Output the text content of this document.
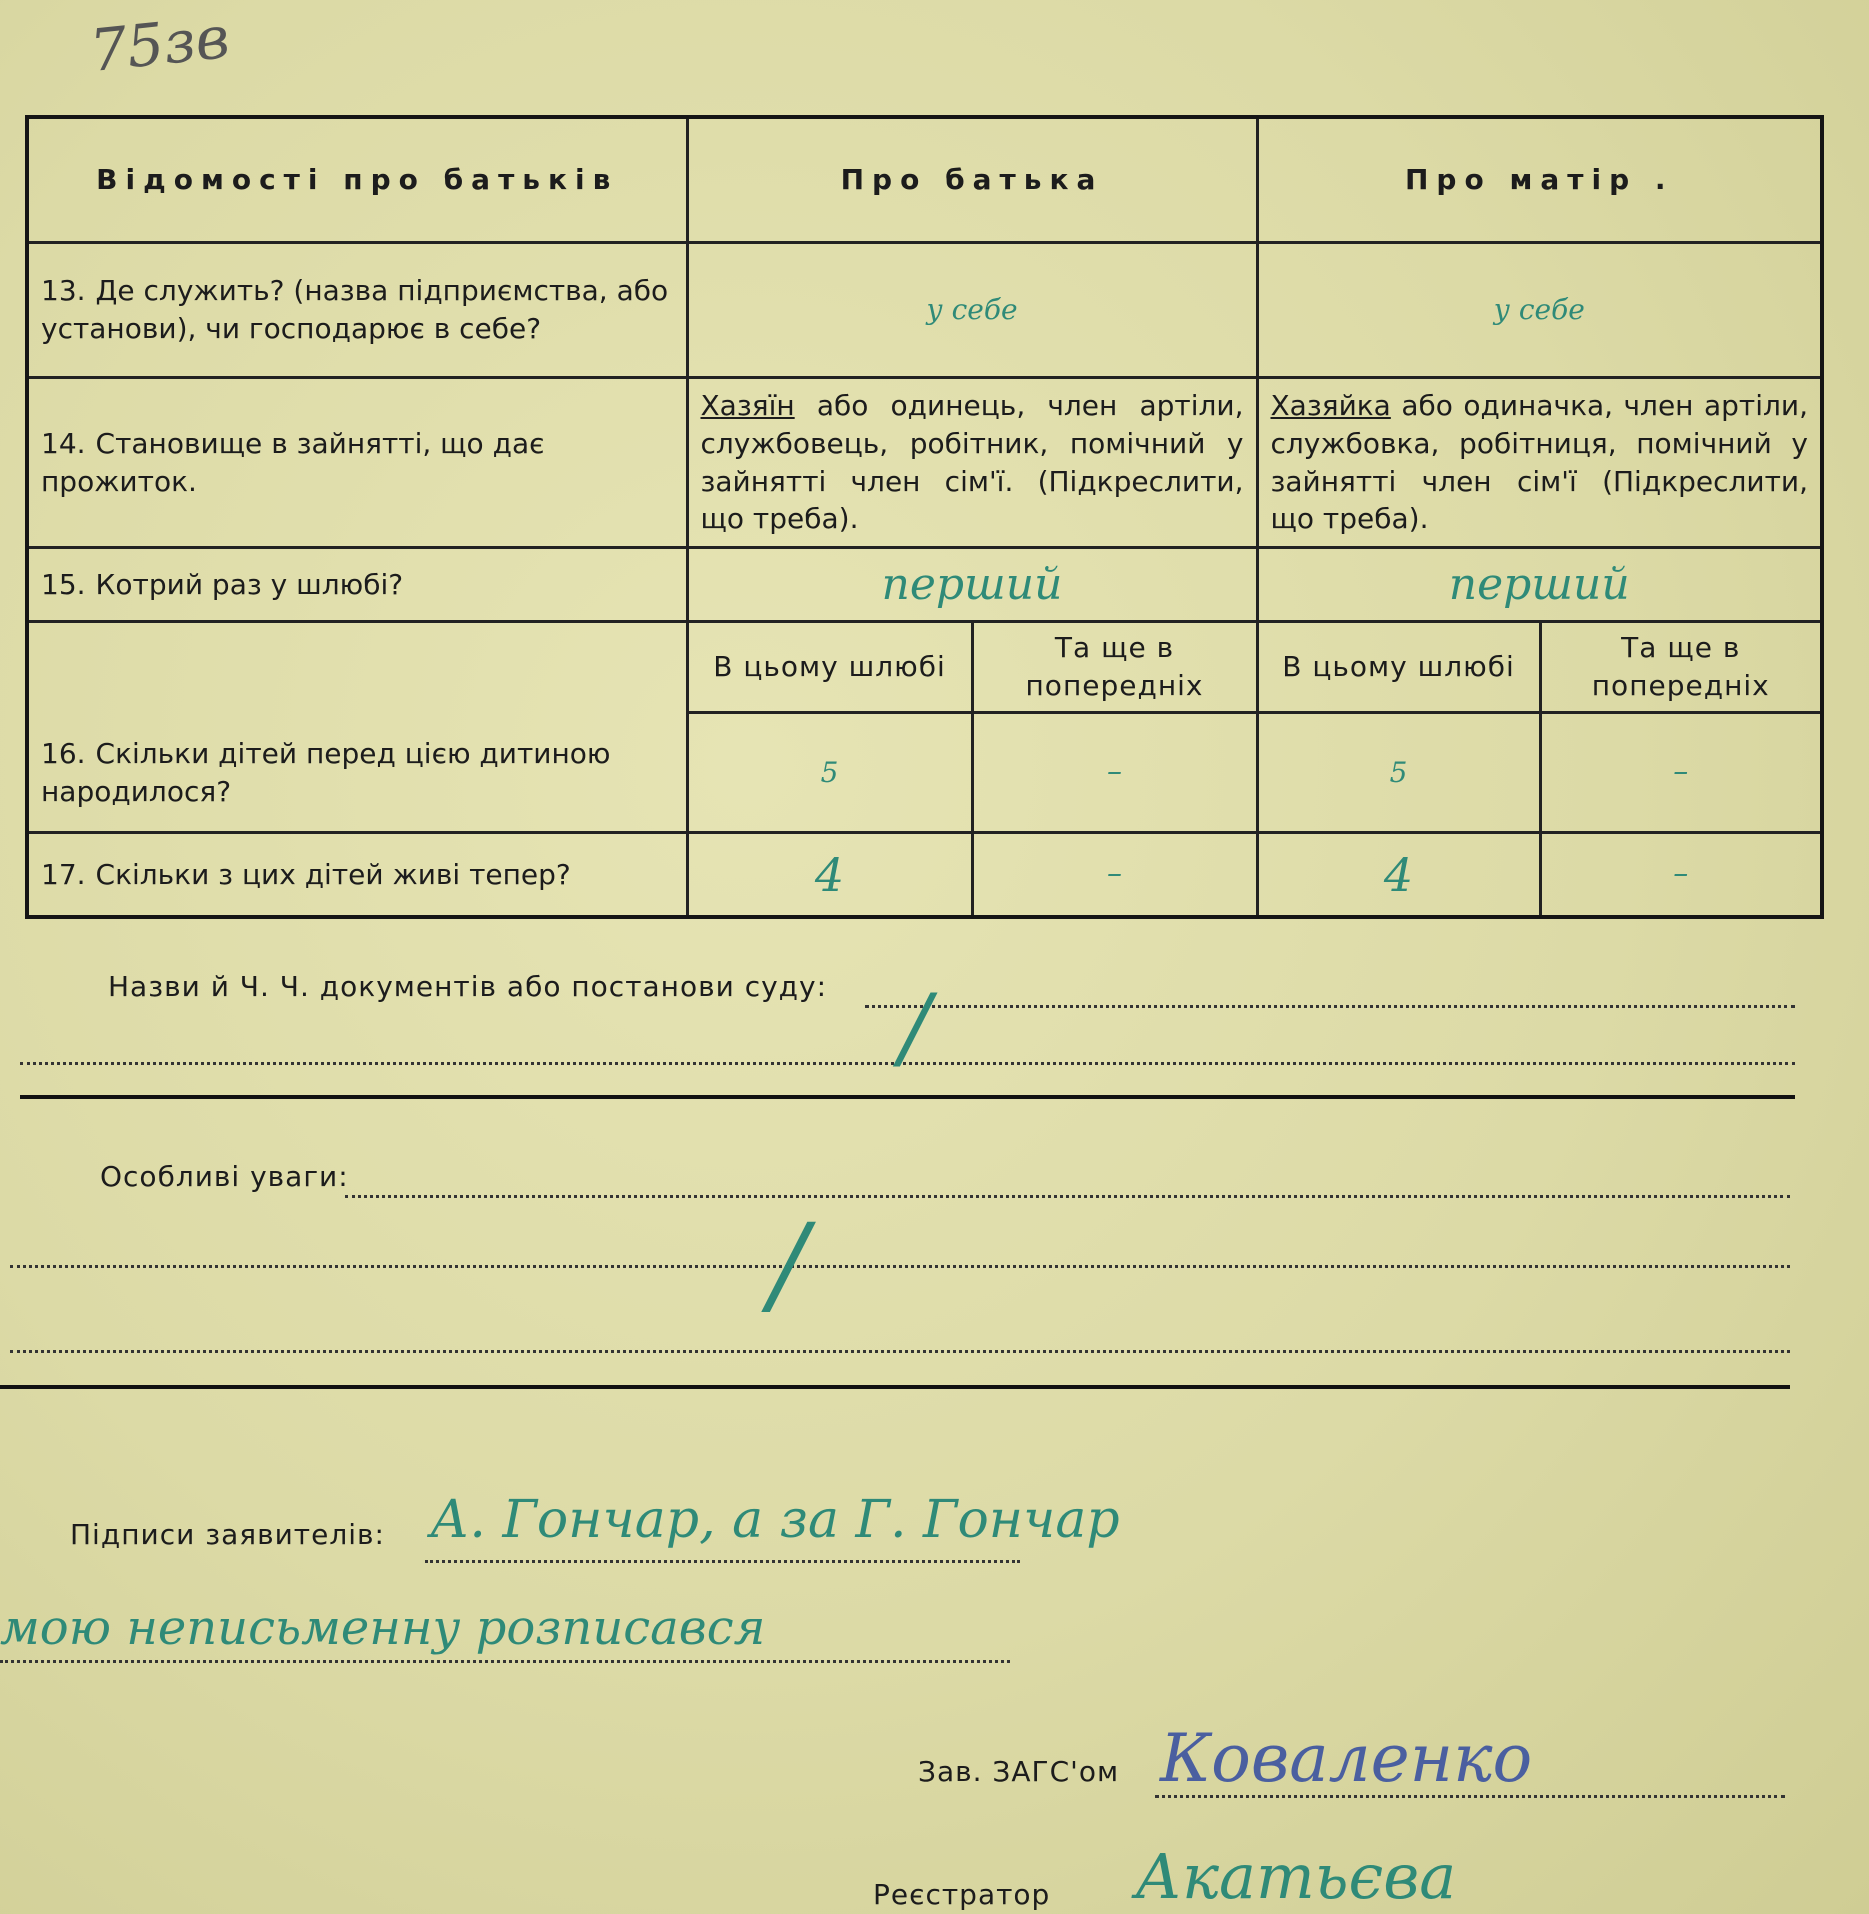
75зв
Відомості про батьків	Про батька		Про матір .	
13. Де служить? (назва підприємства, або установи), чи господарює в себе?	у себе		у себе	
14. Становище в зайнятті, що дає прожиток.	Хазяїн або одинець, член артіли, службовець, робітник, помічний у зайнятті член сім'ї. (Підкреслити, що треба).		Хазяйка або одиначка, член артіли, службовка, робітниця, помічний у зайнятті член сім'ї (Підкреслити, що треба).	
15. Котрий раз у шлюбі?	перший		перший	
16. Скільки дітей перед цією дитиною народилося?	В цьому шлюбі	Та ще в попередніх	В цьому шлюбі	Та ще в попередніх
	5	–	5	–
17. Скільки з цих дітей живі тепер?	4	–	4	–
Назви й Ч. Ч. документів або постанови суду: /
Особливі уваги:
/
Підписи заявителів: А. Гончар, а за Г. Гончар
мою неписьменну розписався
Зав. ЗАГС'ом Коваленко
Реєстратор Акатьєва
